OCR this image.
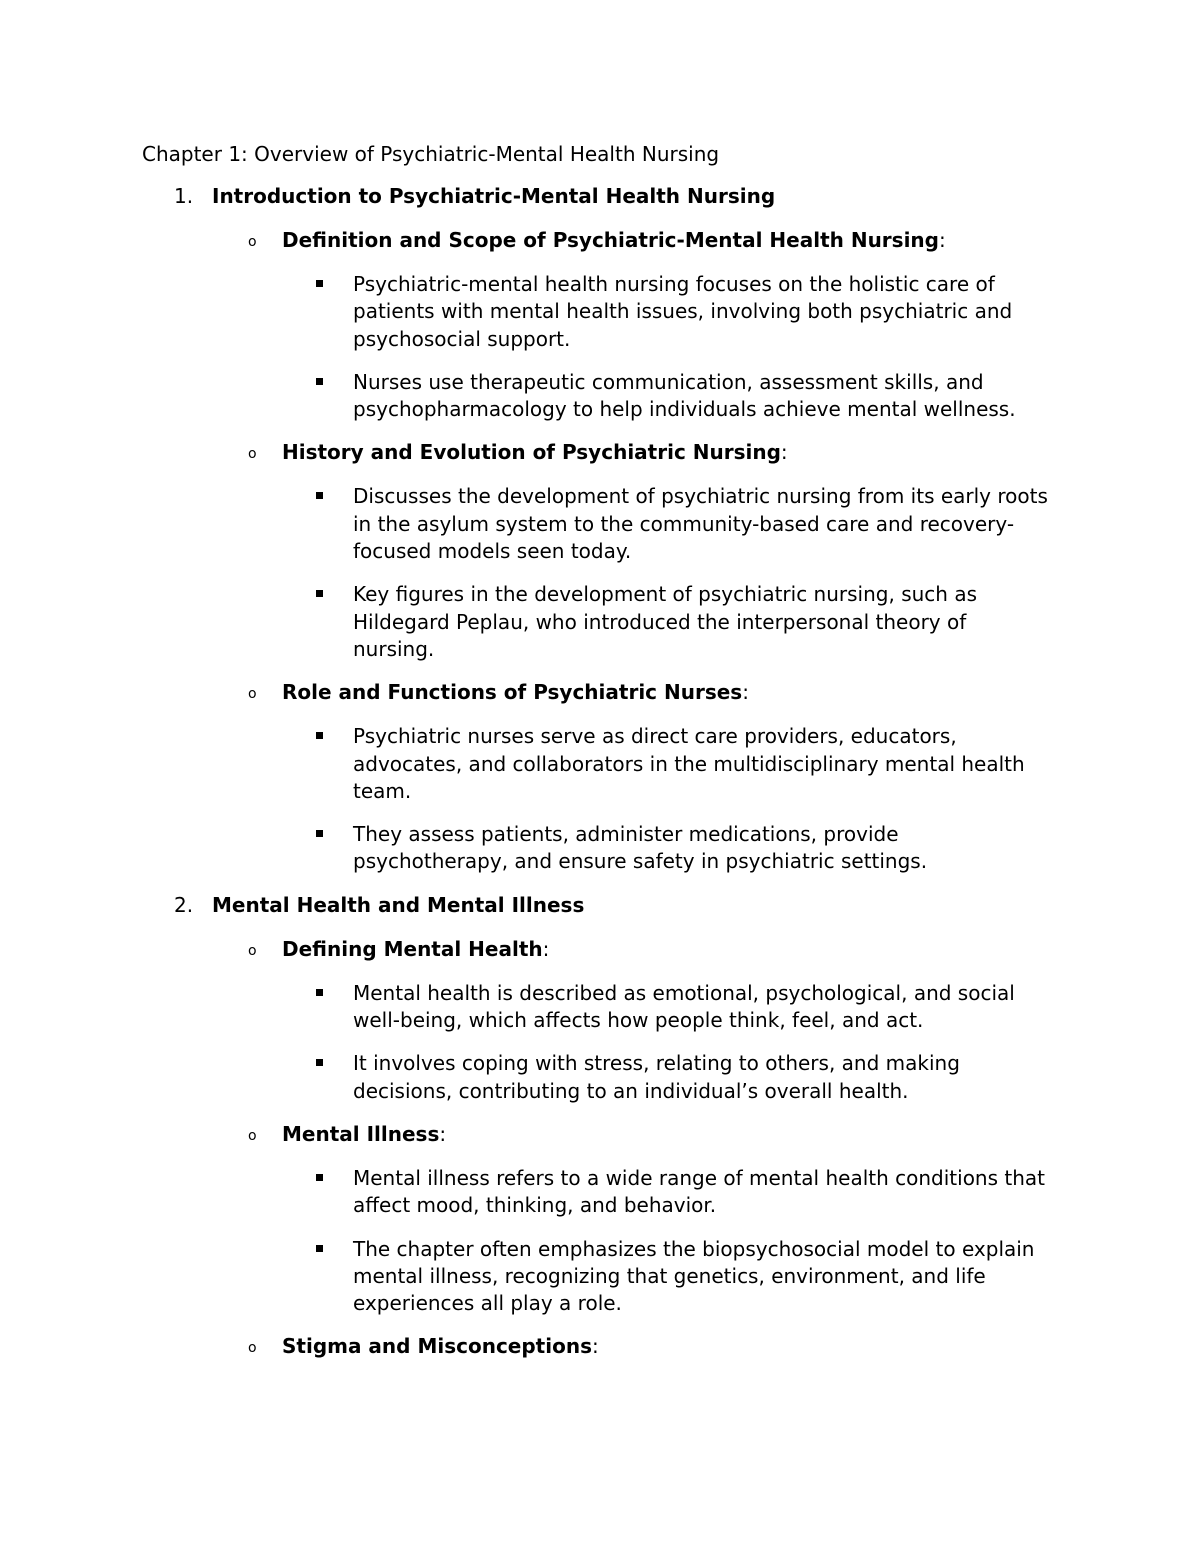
Chapter 1: Overview of Psychiatric-Mental Health Nursing
1. Introduction to Psychiatric-Mental Health Nursing
o Definition and Scope of Psychiatric-Mental Health Nursing:
Psychiatric-mental health nursing focuses on the holistic care of patients with mental health issues, involving both psychiatric and psychosocial support.
Nurses use therapeutic communication, assessment skills, and psychopharmacology to help individuals achieve mental wellness.
o History and Evolution of Psychiatric Nursing:
Discusses the development of psychiatric nursing from its early roots in the asylum system to the community-based care and recovery-focused models seen today.
Key figures in the development of psychiatric nursing, such as Hildegard Peplau, who introduced the interpersonal theory of nursing.
o Role and Functions of Psychiatric Nurses:
Psychiatric nurses serve as direct care providers, educators, advocates, and collaborators in the multidisciplinary mental health team.
They assess patients, administer medications, provide psychotherapy, and ensure safety in psychiatric settings.
2. Mental Health and Mental Illness
o Defining Mental Health:
Mental health is described as emotional, psychological, and social well-being, which affects how people think, feel, and act.
It involves coping with stress, relating to others, and making decisions, contributing to an individual’s overall health.
o Mental Illness:
Mental illness refers to a wide range of mental health conditions that affect mood, thinking, and behavior.
The chapter often emphasizes the biopsychosocial model to explain mental illness, recognizing that genetics, environment, and life experiences all play a role.
o Stigma and Misconceptions:
